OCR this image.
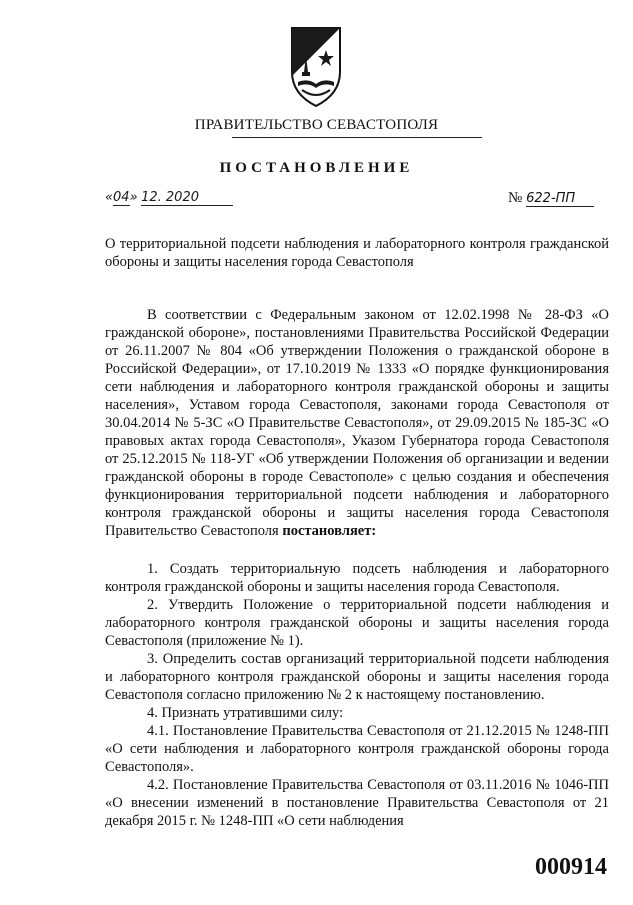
ПРАВИТЕЛЬСТВО СЕВАСТОПОЛЯ
ПОСТАНОВЛЕНИЕ
«04» 12. 2020	№ 622-ПП
О территориальной подсети наблюдения и лабораторного контроля гражданской обороны и защиты населения города Севастополя

В соответствии с Федеральным законом от 12.02.1998 № 28-ФЗ «О гражданской обороне», постановлениями Правительства Российской Федерации от 26.11.2007 № 804 «Об утверждении Положения о гражданской обороне в Российской Федерации», от 17.10.2019 № 1333 «О порядке функционирования сети наблюдения и лабораторного контроля гражданской обороны и защиты населения», Уставом города Севастополя, законами города Севастополя от 30.04.2014 № 5-ЗС «О Правительстве Севастополя», от 29.09.2015 № 185-ЗС «О правовых актах города Севастополя», Указом Губернатора города Севастополя от 25.12.2015 № 118-УГ «Об утверждении Положения об организации и ведении гражданской обороны в городе Севастополе» с целью создания и обеспечения функционирования территориальной подсети наблюдения и лабораторного контроля гражданской обороны и защиты населения города Севастополя Правительство Севастополя постановляет:

1. Создать территориальную подсеть наблюдения и лабораторного контроля гражданской обороны и защиты населения города Севастополя.

2. Утвердить Положение о территориальной подсети наблюдения и лабораторного контроля гражданской обороны и защиты населения города Севастополя (приложение № 1).

3. Определить состав организаций территориальной подсети наблюдения и лабораторного контроля гражданской обороны и защиты населения города Севастополя согласно приложению № 2 к настоящему постановлению.

4. Признать утратившими силу:

4.1. Постановление Правительства Севастополя от 21.12.2015 № 1248-ПП «О сети наблюдения и лабораторного контроля гражданской обороны города Севастополя».

4.2. Постановление Правительства Севастополя от 03.11.2016 № 1046-ПП «О внесении изменений в постановление Правительства Севастополя от 21 декабря 2015 г. № 1248-ПП «О сети наблюдения

000914
